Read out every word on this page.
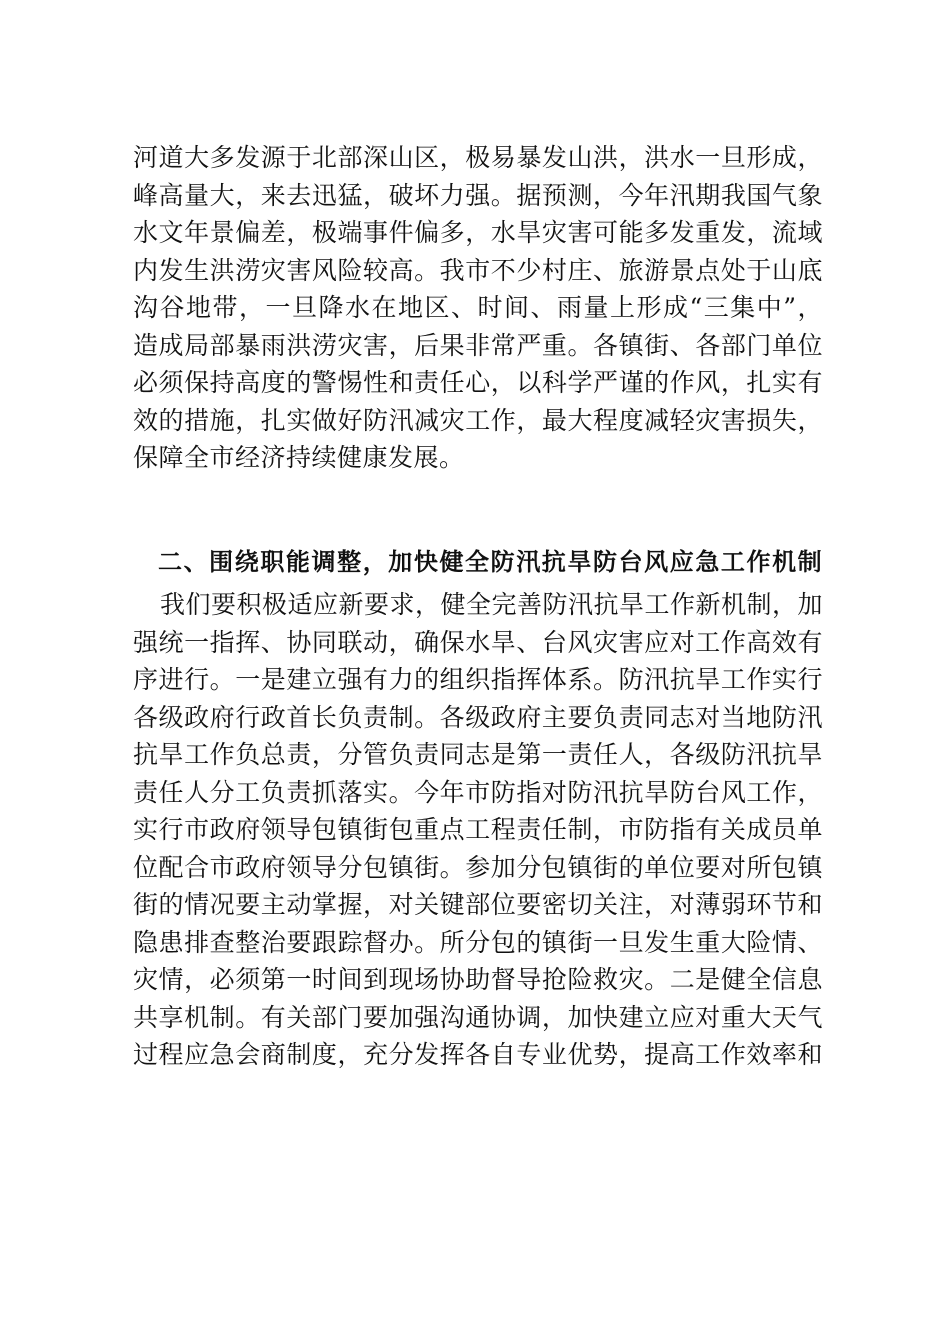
河道大多发源于北部深山区，极易暴发山洪，洪水一旦形成，
峰高量大，来去迅猛，破坏力强。据预测，今年汛期我国气象
水文年景偏差，极端事件偏多，水旱灾害可能多发重发，流域
内发生洪涝灾害风险较高。我市不少村庄、旅游景点处于山底
沟谷地带，一旦降水在地区、时间、雨量上形成“三集中”，
造成局部暴雨洪涝灾害，后果非常严重。各镇街、各部门单位
必须保持高度的警惕性和责任心，以科学严谨的作风，扎实有
效的措施，扎实做好防汛减灾工作，最大程度减轻灾害损失，
保障全市经济持续健康发展。
二、围绕职能调整，加快健全防汛抗旱防台风应急工作机制
我们要积极适应新要求，健全完善防汛抗旱工作新机制，加
强统一指挥、协同联动，确保水旱、台风灾害应对工作高效有
序进行。一是建立强有力的组织指挥体系。防汛抗旱工作实行
各级政府行政首长负责制。各级政府主要负责同志对当地防汛
抗旱工作负总责，分管负责同志是第一责任人，各级防汛抗旱
责任人分工负责抓落实。今年市防指对防汛抗旱防台风工作，
实行市政府领导包镇街包重点工程责任制，市防指有关成员单
位配合市政府领导分包镇街。参加分包镇街的单位要对所包镇
街的情况要主动掌握，对关键部位要密切关注，对薄弱环节和
隐患排查整治要跟踪督办。所分包的镇街一旦发生重大险情、
灾情，必须第一时间到现场协助督导抢险救灾。二是健全信息
共享机制。有关部门要加强沟通协调，加快建立应对重大天气
过程应急会商制度，充分发挥各自专业优势，提高工作效率和
